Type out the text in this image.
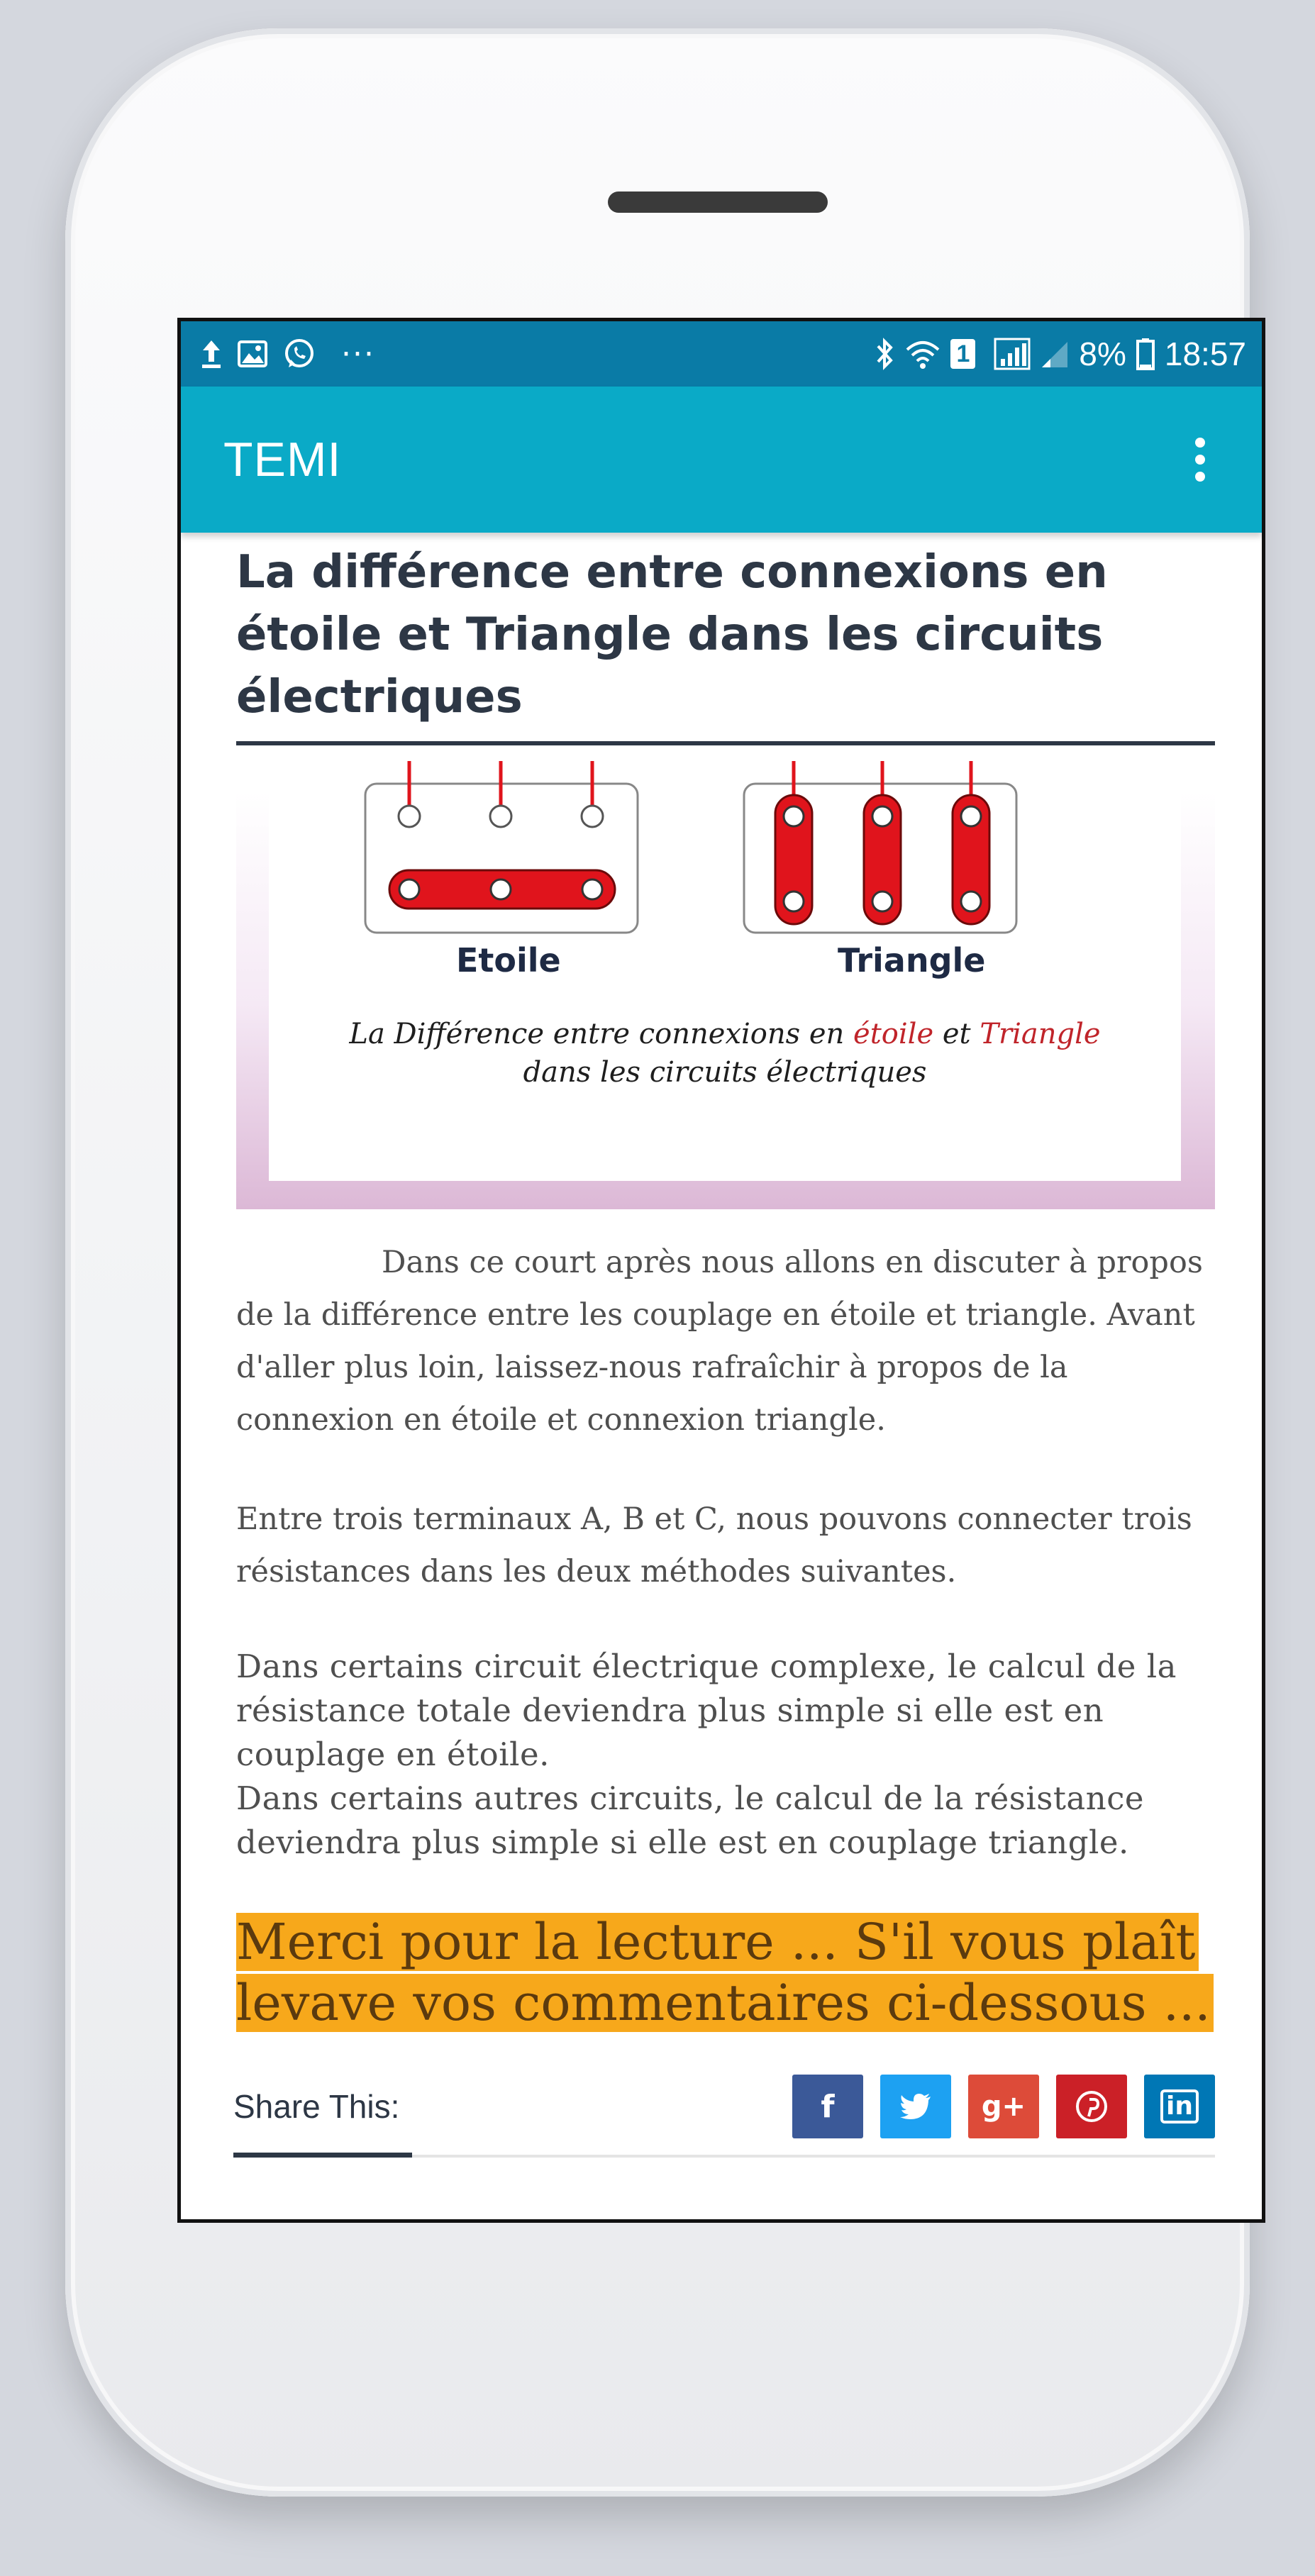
···	1	8% 18:57
TEMI
La différence entre connexions en étoile et Triangle dans les circuits électriques
Etoile	Triangle
La Différence entre connexions en étoile et Triangle
dans les circuits électriques

Dans ce court après nous allons en discuter à propos de la différence entre les couplage en étoile et triangle. Avant d'aller plus loin, laissez-nous rafraîchir à propos de la connexion en étoile et connexion triangle.

Entre trois terminaux A, B et C, nous pouvons connecter trois résistances dans les deux méthodes suivantes.

Dans certains circuit électrique complexe, le calcul de la résistance totale deviendra plus simple si elle est en couplage en étoile.
Dans certains autres circuits, le calcul de la résistance deviendra plus simple si elle est en couplage triangle.

Merci pour la lecture ... S'il vous plaît levave vos commentaires ci-dessous ...

Share This:	f	g+	in
